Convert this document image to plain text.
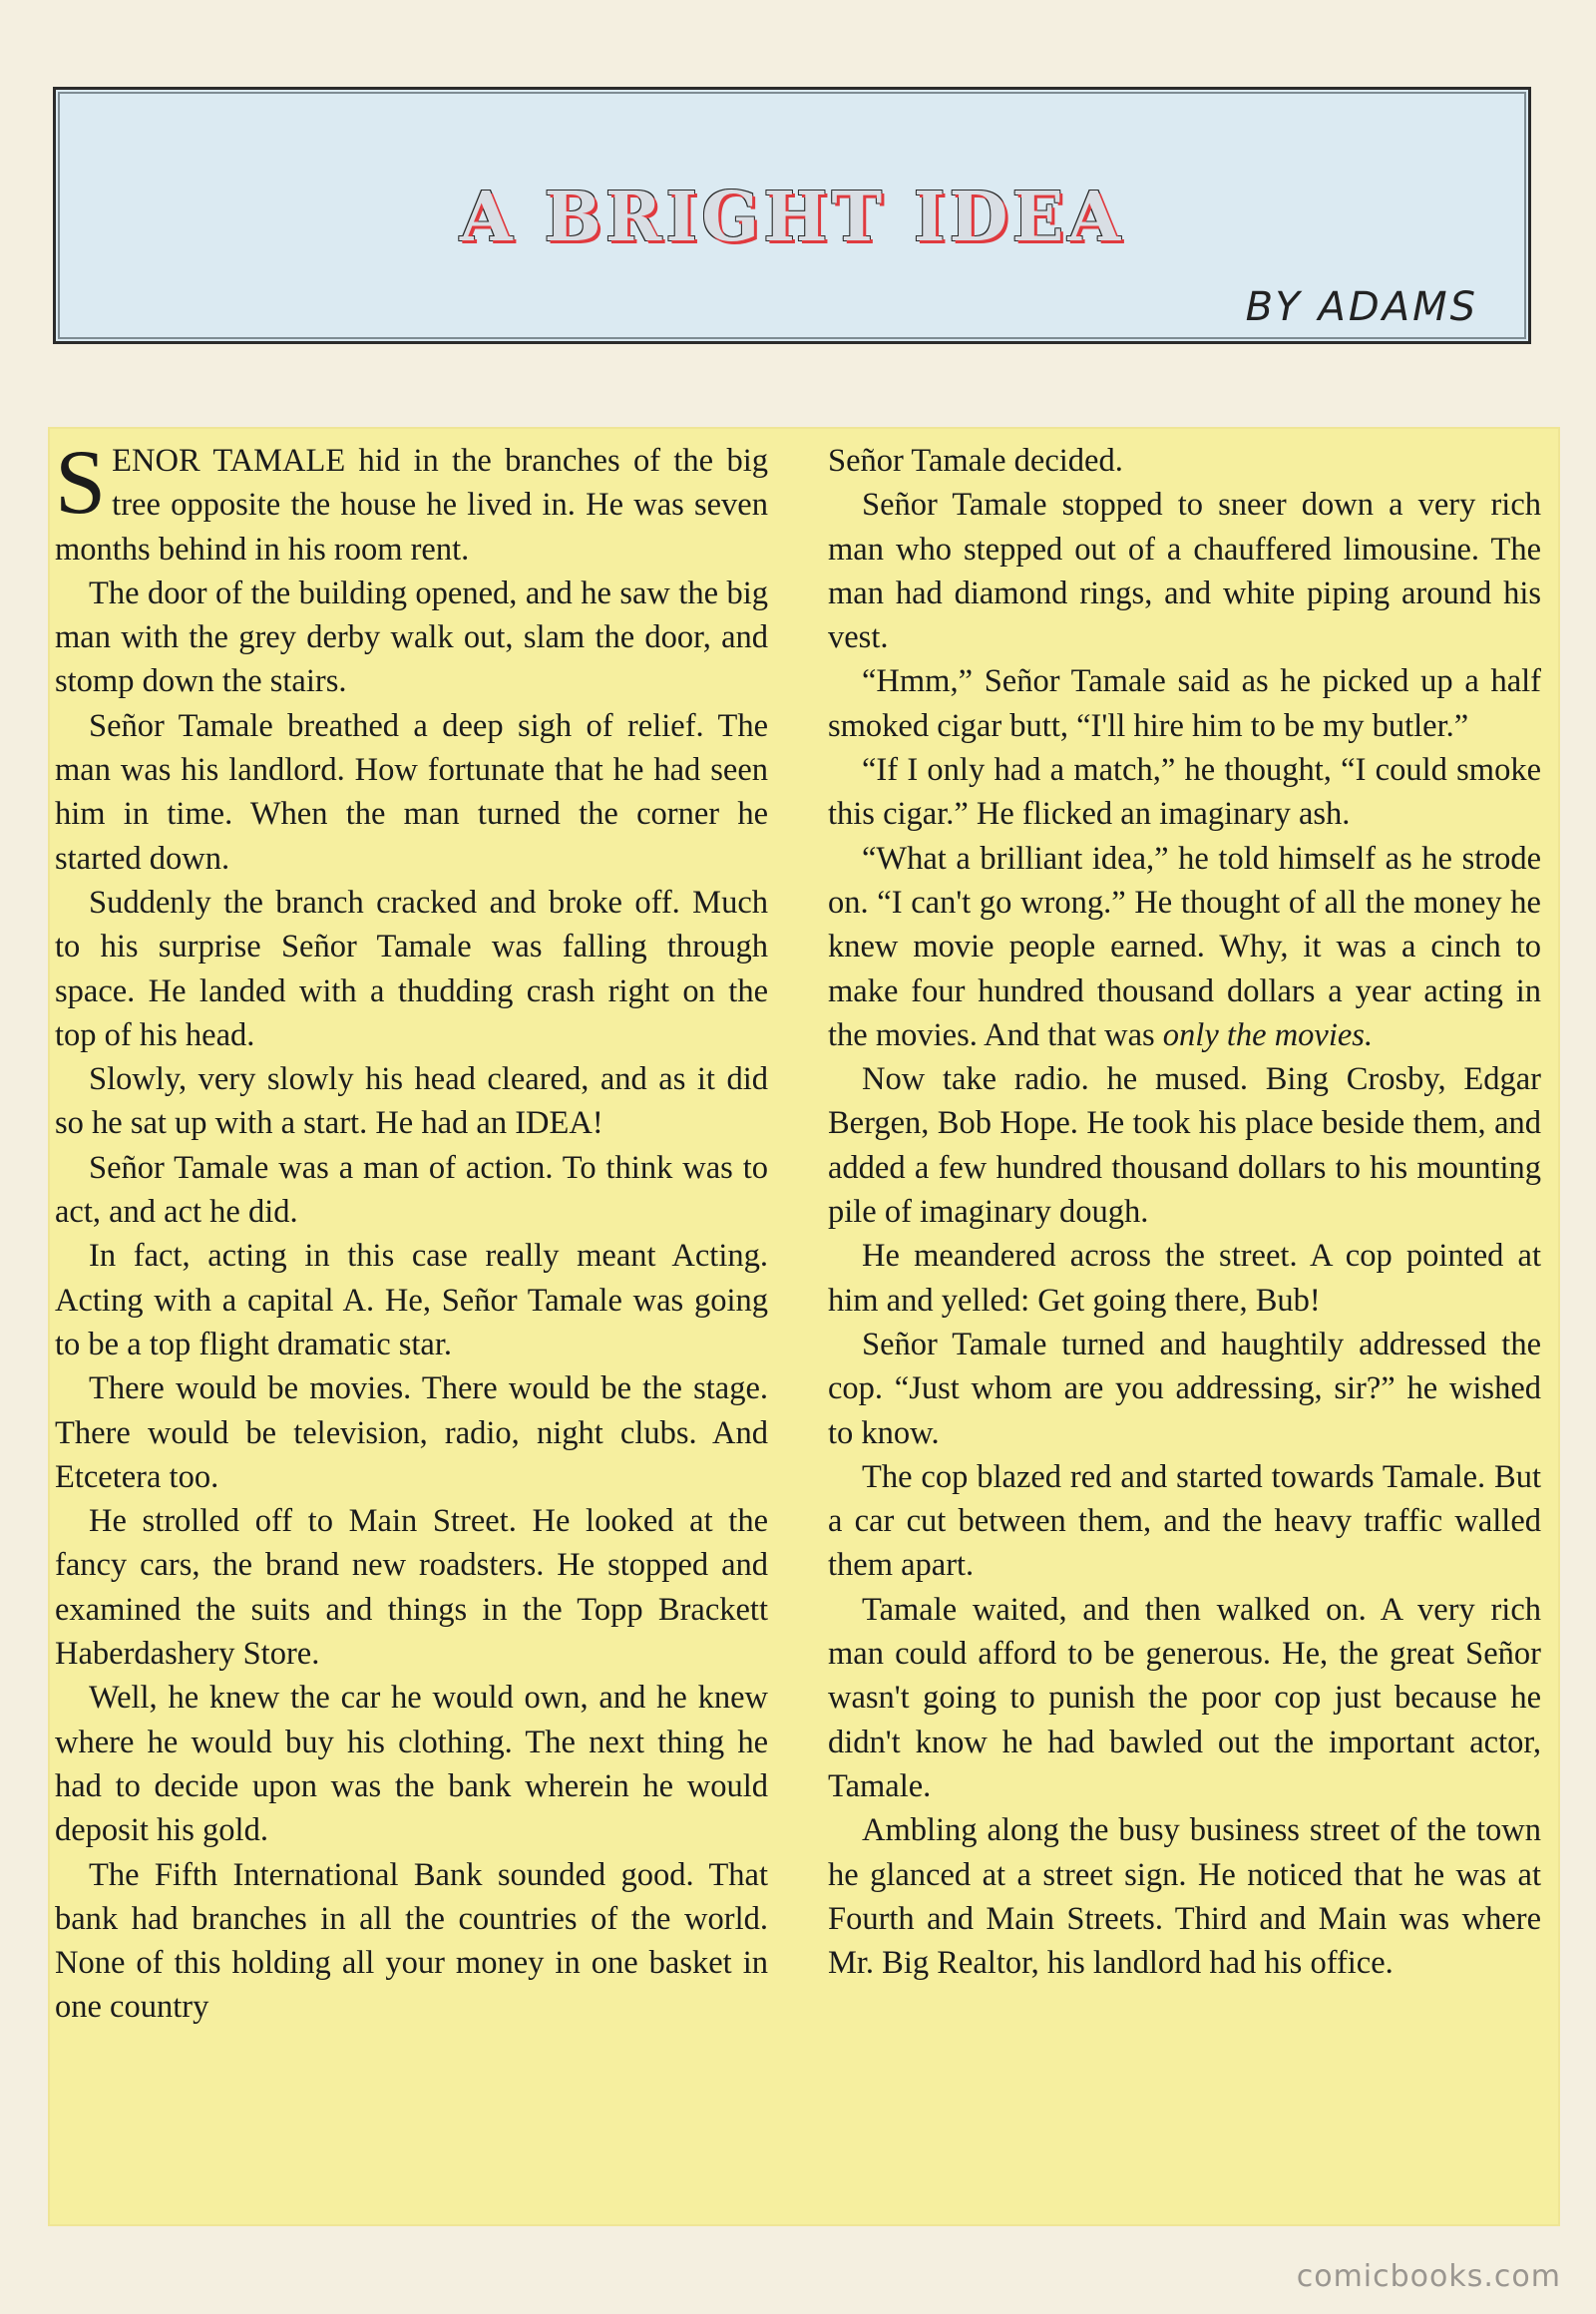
A BRIGHT IDEA
BY ADAMS

SENOR TAMALE hid in the branches of the big tree opposite the house he lived in. He was seven months behind in his room rent.

The door of the building opened, and he saw the big man with the grey derby walk out, slam the door, and stomp down the stairs.

Señor Tamale breathed a deep sigh of relief. The man was his landlord. How fortunate that he had seen him in time. When the man turned the corner he started down.

Suddenly the branch cracked and broke off. Much to his surprise Señor Tamale was falling through space. He landed with a thudding crash right on the top of his head.

Slowly, very slowly his head cleared, and as it did so he sat up with a start. He had an IDEA!

Señor Tamale was a man of action. To think was to act, and act he did.

In fact, acting in this case really meant Acting. Acting with a capital A. He, Señor Tamale was going to be a top flight dramatic star.

There would be movies. There would be the stage. There would be television, radio, night clubs. And Etcetera too.

He strolled off to Main Street. He looked at the fancy cars, the brand new roadsters. He stopped and examined the suits and things in the Topp Brackett Haberdashery Store.

Well, he knew the car he would own, and he knew where he would buy his clothing. The next thing he had to decide upon was the bank wherein he would deposit his gold.

The Fifth International Bank sounded good. That bank had branches in all the countries of the world. None of this holding all your money in one basket in one country

Señor Tamale decided.

Señor Tamale stopped to sneer down a very rich man who stepped out of a chauffered limousine. The man had diamond rings, and white piping around his vest.

“Hmm,” Señor Tamale said as he picked up a half smoked cigar butt, “I'll hire him to be my butler.”

“If I only had a match,” he thought, “I could smoke this cigar.” He flicked an imaginary ash.

“What a brilliant idea,” he told himself as he strode on. “I can't go wrong.” He thought of all the money he knew movie people earned. Why, it was a cinch to make four hundred thousand dollars a year acting in the movies. And that was only the movies.

Now take radio. he mused. Bing Crosby, Edgar Bergen, Bob Hope. He took his place beside them, and added a few hundred thousand dollars to his mounting pile of imaginary dough.

He meandered across the street. A cop pointed at him and yelled: Get going there, Bub!

Señor Tamale turned and haughtily addressed the cop. “Just whom are you addressing, sir?” he wished to know.

The cop blazed red and started towards Tamale. But a car cut between them, and the heavy traffic walled them apart.

Tamale waited, and then walked on. A very rich man could afford to be generous. He, the great Señor wasn't going to punish the poor cop just because he didn't know he had bawled out the important actor, Tamale.

Ambling along the busy business street of the town he glanced at a street sign. He noticed that he was at Fourth and Main Streets. Third and Main was where Mr. Big Realtor, his landlord had his office.

comicbooks.com
